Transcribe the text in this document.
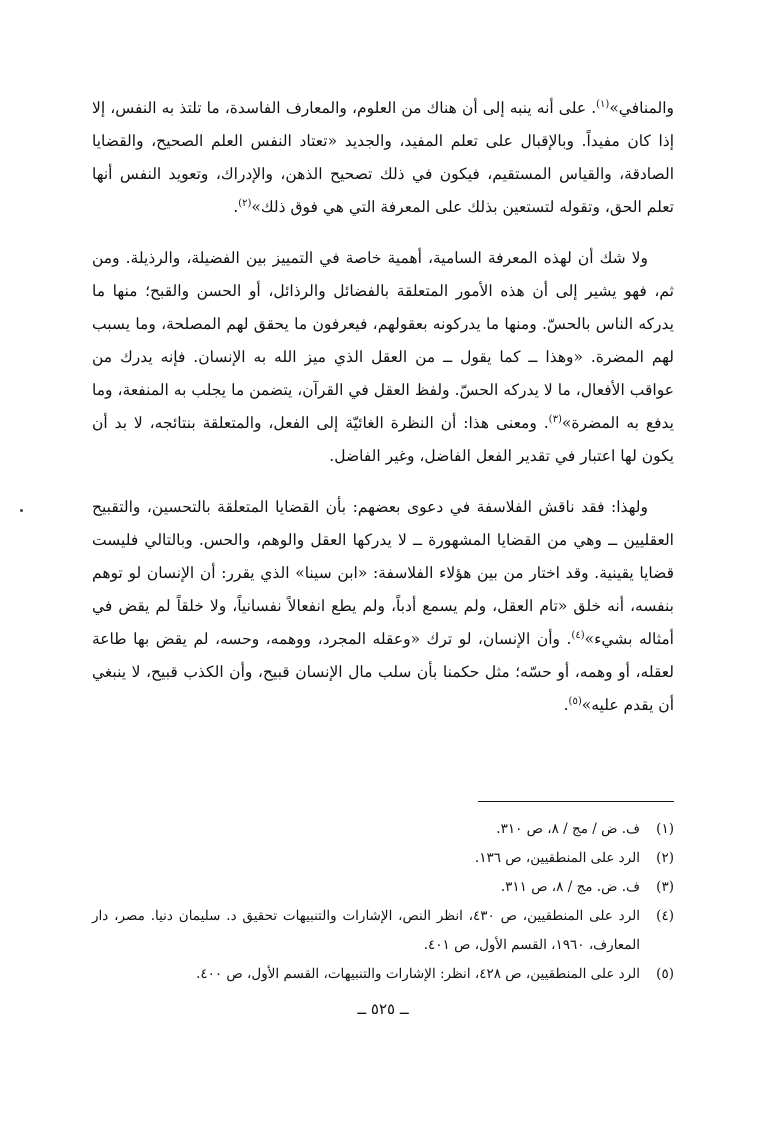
والمنافي»$^{(١)}$. على أنه ينبه إلى أن هناك من العلوم، والمعارف الفاسدة، ما تلتذ به النفس، إلا إذا كان مفيداً. وبالإقبال على تعلم المفيد، والجديد «تعتاد النفس العلم الصحيح، والقضايا الصادقة، والقياس المستقيم، فيكون في ذلك تصحيح الذهن، والإدراك، وتعويد النفس أنها تعلم الحق، وتقوله لتستعين بذلك على المعرفة التي هي فوق ذلك»$^{(٢)}$.

ولا شك أن لهذه المعرفة السامية، أهمية خاصة في التمييز بين الفضيلة، والرذيلة. ومن ثم، فهو يشير إلى أن هذه الأمور المتعلقة بالفضائل والرذائل، أو الحسن والقبح؛ منها ما يدركه الناس بالحسّ. ومنها ما يدركونه بعقولهم، فيعرفون ما يحقق لهم المصلحة، وما يسبب لهم المضرة. «وهذا ــ كما يقول ــ من العقل الذي ميز الله به الإنسان. فإنه يدرك من عواقب الأفعال، ما لا يدركه الحسّ. ولفظ العقل في القرآن، يتضمن ما يجلب به المنفعة، وما يدفع به المضرة»$^{(٣)}$. ومعنى هذا: أن النظرة الغائيّة إلى الفعل، والمتعلقة بنتائجه، لا بد أن يكون لها اعتبار في تقدير الفعل الفاضل، وغير الفاضل.

ولهذا: فقد ناقش الفلاسفة في دعوى بعضهم: بأن القضايا المتعلقة بالتحسين، والتقبيح العقليين ــ وهي من القضايا المشهورة ــ لا يدركها العقل والوهم، والحس. وبالتالي فليست قضايا يقينية. وقد اختار من بين هؤلاء الفلاسفة: «ابن سينا» الذي يقرر: أن الإنسان لو توهم بنفسه، أنه خلق «تام العقل، ولم يسمع أدباً، ولم يطع انفعالاً نفسانياً، ولا خلقاً لم يقض في أمثاله بشيء»$^{(٤)}$. وأن الإنسان، لو ترك «وعقله المجرد، ووهمه، وحسه، لم يقض بها طاعة لعقله، أو وهمه، أو حسّه؛ مثل حكمنا بأن سلب مال الإنسان قبيح، وأن الكذب قبيح، لا ينبغي أن يقدم عليه»$^{(٥)}$.

(١)
ف. ض / مج / ٨، ص ٣١٠.
(٢)
الرد على المنطقيين، ص ١٣٦.
(٣)
ف. ض. مج / ٨، ص ٣١١.
(٤)
الرد على المنطقيين، ص ٤٣٠، انظر النص، الإشارات والتنبيهات تحقيق د. سليمان دنيا. مصر، دار المعارف، ١٩٦٠، القسم الأول، ص ٤٠١.
(٥)
الرد على المنطقيين، ص ٤٢٨، انظر: الإشارات والتنبيهات، القسم الأول، ص ٤٠٠.
ــ ٥٢٥ ــ
